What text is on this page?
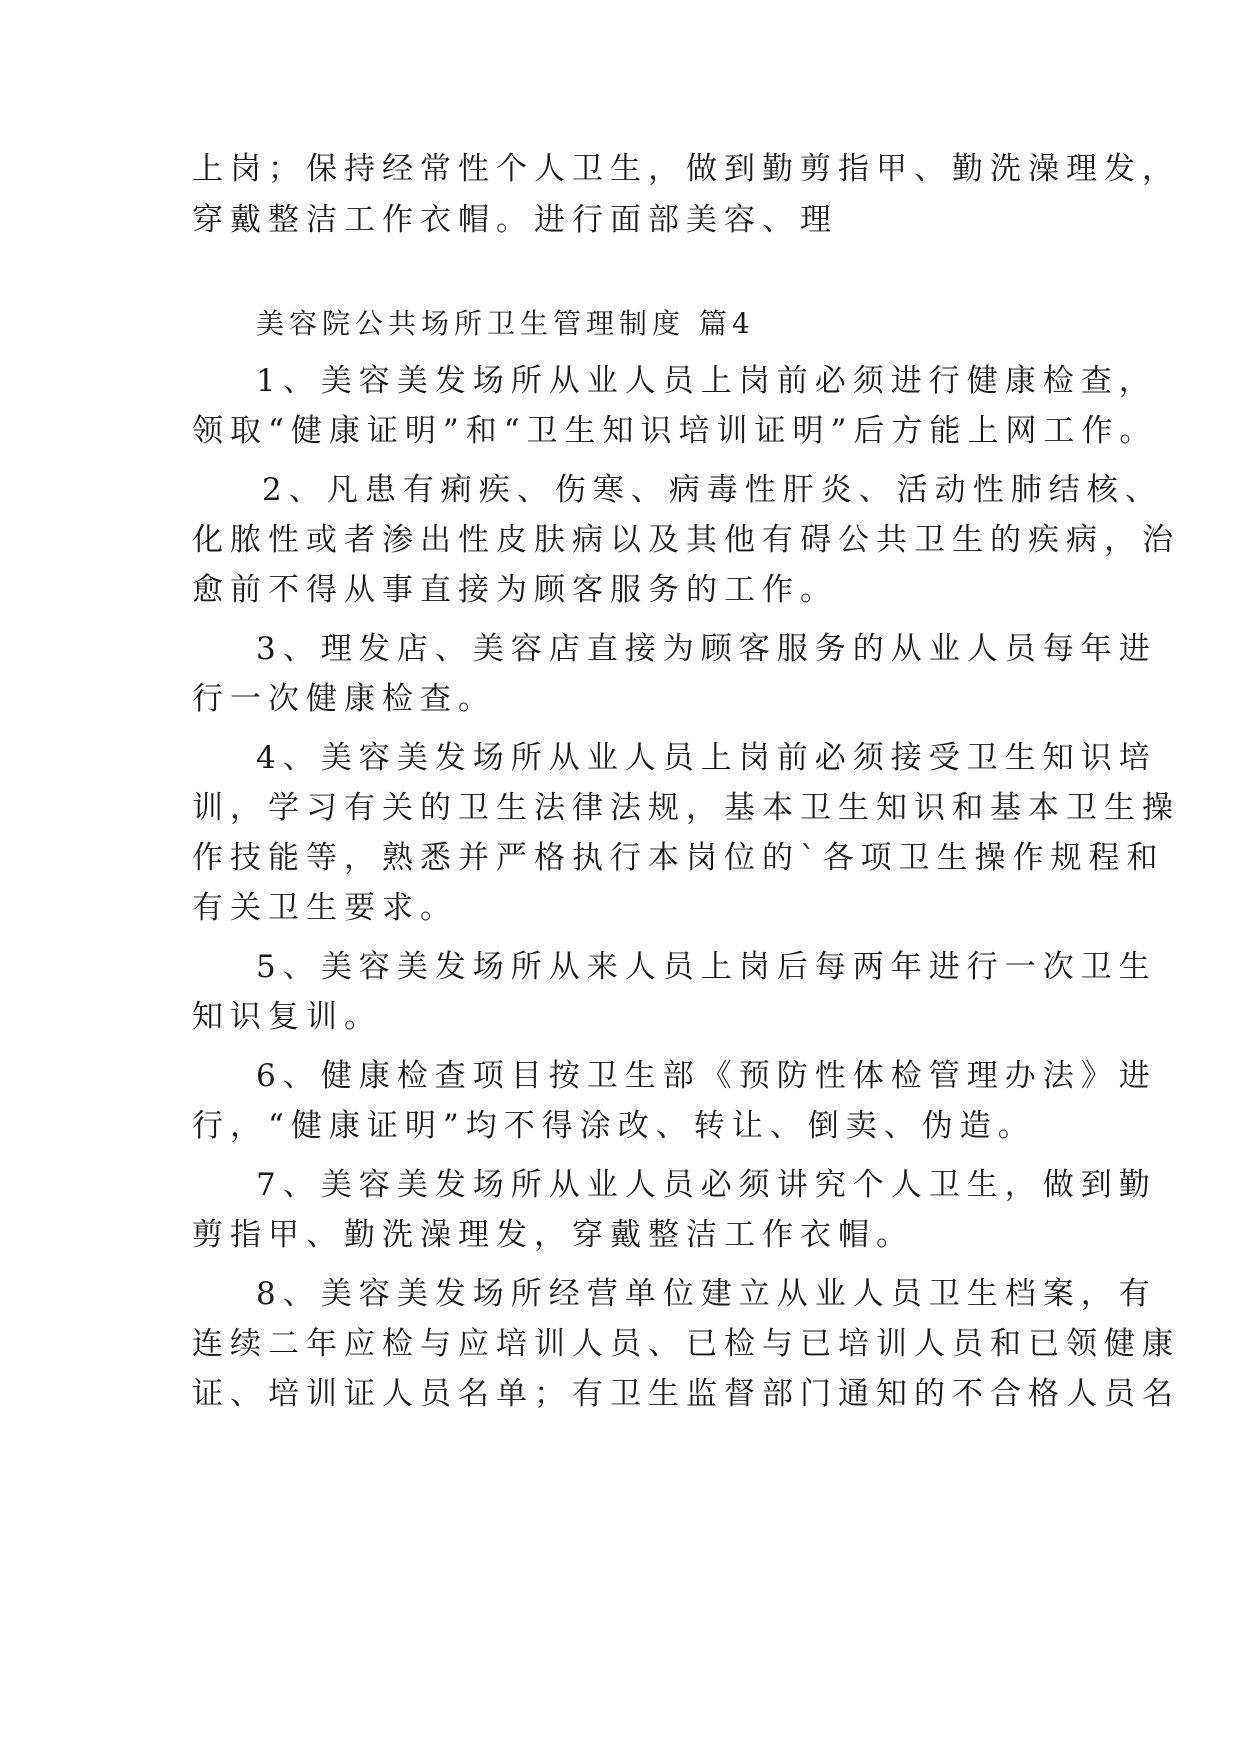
上岗；保持经常性个人卫生，做到勤剪指甲、勤洗澡理发，
穿戴整洁工作衣帽。进行面部美容、理
美容院公共场所卫生管理制度 篇4
1、美容美发场所从业人员上岗前必须进行健康检查，
领取“健康证明”和“卫生知识培训证明”后方能上网工作。
2、凡患有痢疾、伤寒、病毒性肝炎、活动性肺结核、
化脓性或者渗出性皮肤病以及其他有碍公共卫生的疾病，治
愈前不得从事直接为顾客服务的工作。
3、理发店、美容店直接为顾客服务的从业人员每年进
行一次健康检查。
4、美容美发场所从业人员上岗前必须接受卫生知识培
训，学习有关的卫生法律法规，基本卫生知识和基本卫生操
作技能等，熟悉并严格执行本岗位的`各项卫生操作规程和
有关卫生要求。
5、美容美发场所从来人员上岗后每两年进行一次卫生
知识复训。
6、健康检查项目按卫生部《预防性体检管理办法》进
行，“健康证明”均不得涂改、转让、倒卖、伪造。
7、美容美发场所从业人员必须讲究个人卫生，做到勤
剪指甲、勤洗澡理发，穿戴整洁工作衣帽。
8、美容美发场所经营单位建立从业人员卫生档案，有
连续二年应检与应培训人员、已检与已培训人员和已领健康
证、培训证人员名单；有卫生监督部门通知的不合格人员名
